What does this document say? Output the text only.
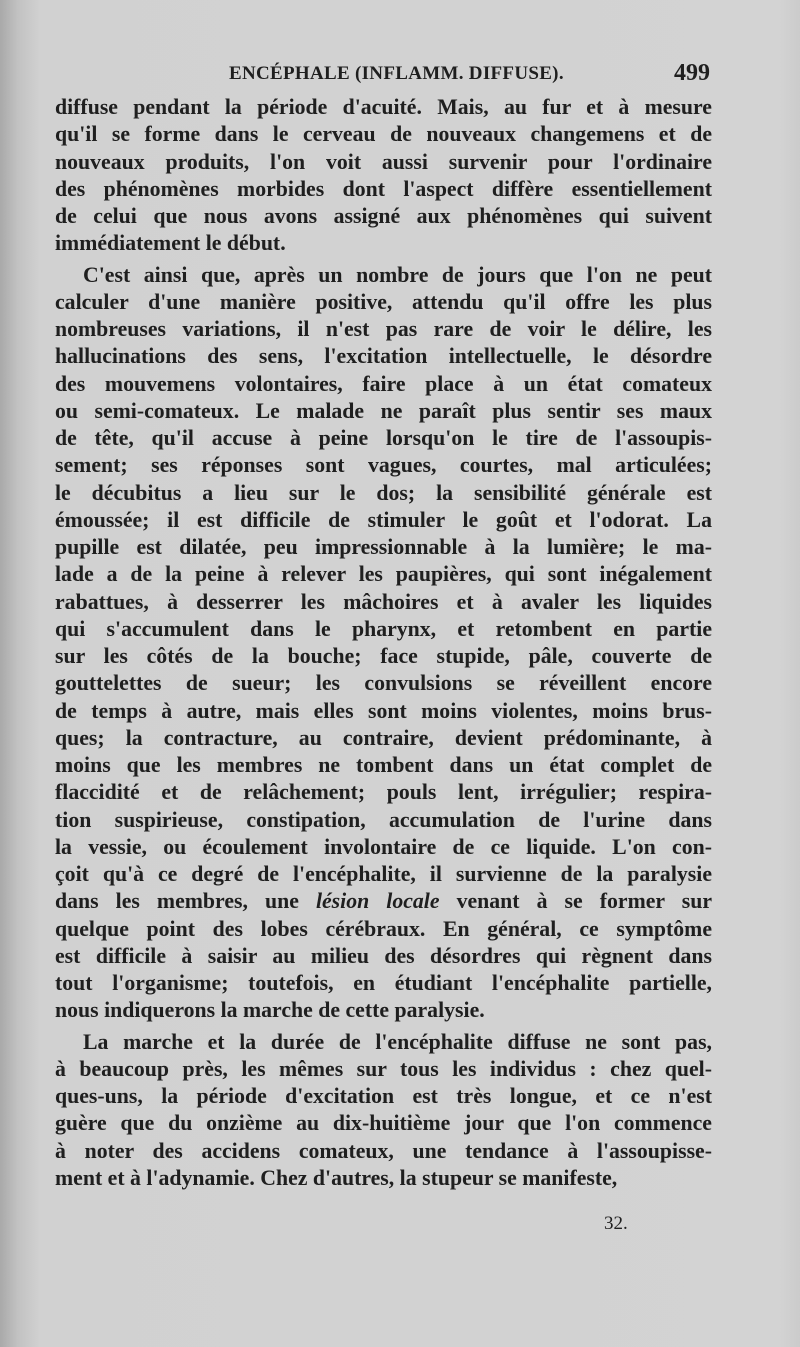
ENCÉPHALE (INFLAMM. DIFFUSE).	499
diffuse pendant la période d'acuité. Mais, au fur et à mesure
qu'il se forme dans le cerveau de nouveaux changemens et de
nouveaux produits, l'on voit aussi survenir pour l'ordinaire
des phénomènes morbides dont l'aspect diffère essentiellement
de celui que nous avons assigné aux phénomènes qui suivent
immédiatement le début.
C'est ainsi que, après un nombre de jours que l'on ne peut
calculer d'une manière positive, attendu qu'il offre les plus
nombreuses variations, il n'est pas rare de voir le délire, les
hallucinations des sens, l'excitation intellectuelle, le désordre
des mouvemens volontaires, faire place à un état comateux
ou semi-comateux. Le malade ne paraît plus sentir ses maux
de tête, qu'il accuse à peine lorsqu'on le tire de l'assoupis-
sement; ses réponses sont vagues, courtes, mal articulées;
le décubitus a lieu sur le dos; la sensibilité générale est
émoussée; il est difficile de stimuler le goût et l'odorat. La
pupille est dilatée, peu impressionnable à la lumière; le ma-
lade a de la peine à relever les paupières, qui sont inégalement
rabattues, à desserrer les mâchoires et à avaler les liquides
qui s'accumulent dans le pharynx, et retombent en partie
sur les côtés de la bouche; face stupide, pâle, couverte de
gouttelettes de sueur; les convulsions se réveillent encore
de temps à autre, mais elles sont moins violentes, moins brus-
ques; la contracture, au contraire, devient prédominante, à
moins que les membres ne tombent dans un état complet de
flaccidité et de relâchement; pouls lent, irrégulier; respira-
tion suspirieuse, constipation, accumulation de l'urine dans
la vessie, ou écoulement involontaire de ce liquide. L'on con-
çoit qu'à ce degré de l'encéphalite, il survienne de la paralysie
dans les membres, une lésion locale venant à se former sur
quelque point des lobes cérébraux. En général, ce symptôme
est difficile à saisir au milieu des désordres qui règnent dans
tout l'organisme; toutefois, en étudiant l'encéphalite partielle,
nous indiquerons la marche de cette paralysie.
La marche et la durée de l'encéphalite diffuse ne sont pas,
à beaucoup près, les mêmes sur tous les individus : chez quel-
ques-uns, la période d'excitation est très longue, et ce n'est
guère que du onzième au dix-huitième jour que l'on commence
à noter des accidens comateux, une tendance à l'assoupisse-
ment et à l'adynamie. Chez d'autres, la stupeur se manifeste,
32.
